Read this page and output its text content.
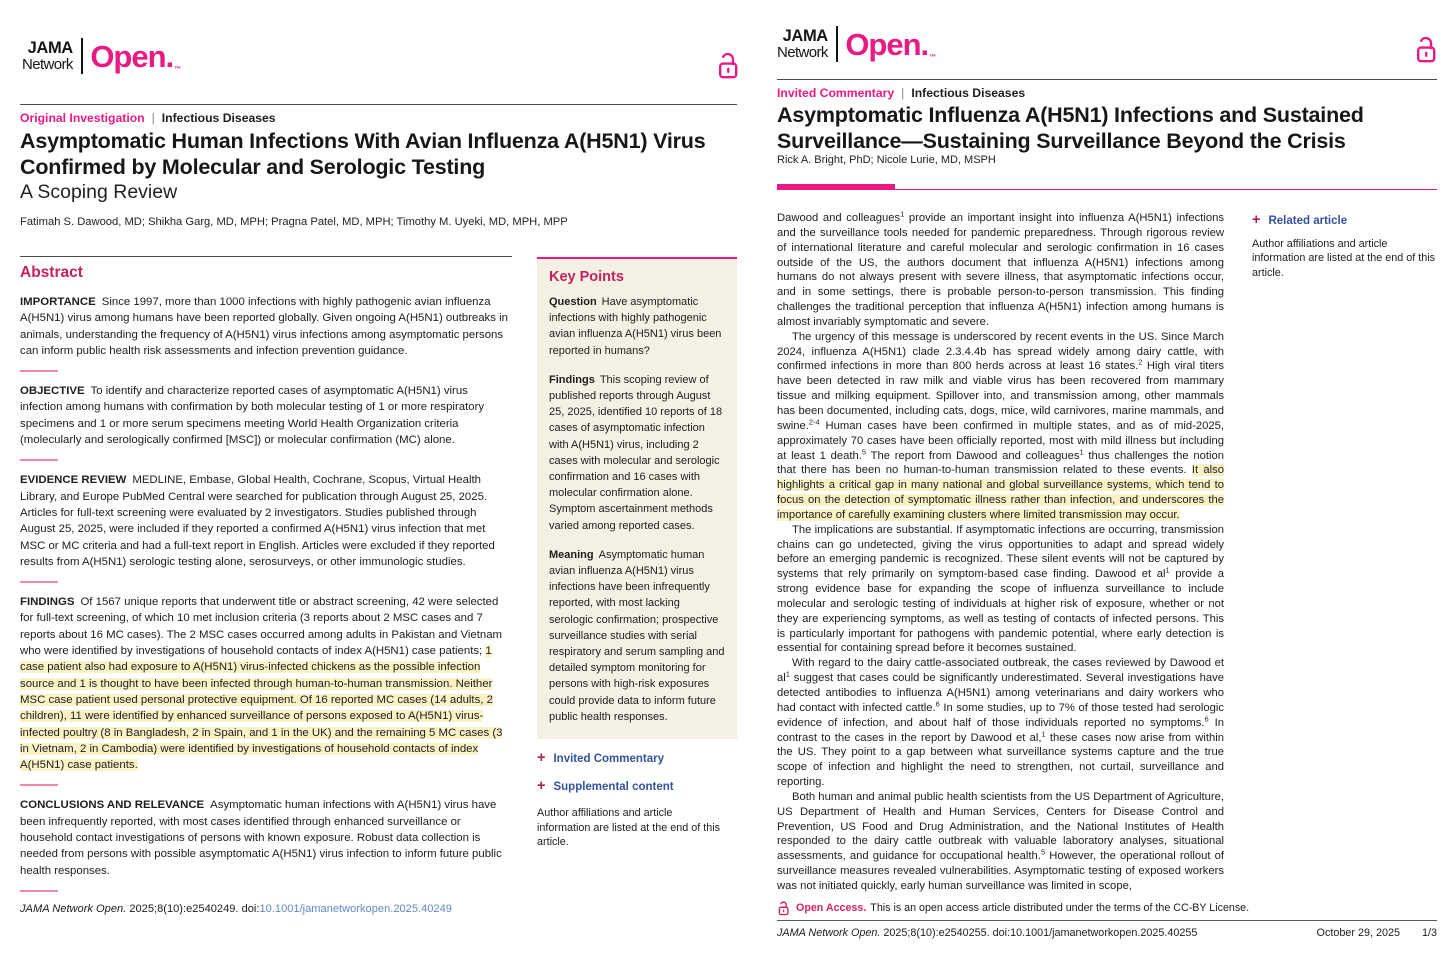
JAMA
Network Open.™
Original Investigation | Infectious Diseases
Asymptomatic Human Infections With Avian Influenza A(H5N1) Virus
Confirmed by Molecular and Serologic Testing
A Scoping Review
Fatimah S. Dawood, MD; Shikha Garg, MD, MPH; Pragna Patel, MD, MPH; Timothy M. Uyeki, MD, MPH, MPP
Abstract

IMPORTANCE Since 1997, more than 1000 infections with highly pathogenic avian influenza A(H5N1) virus among humans have been reported globally. Given ongoing A(H5N1) outbreaks in animals, understanding the frequency of A(H5N1) virus infections among asymptomatic persons can inform public health risk assessments and infection prevention guidance.

OBJECTIVE To identify and characterize reported cases of asymptomatic A(H5N1) virus infection among humans with confirmation by both molecular testing of 1 or more respiratory specimens and 1 or more serum specimens meeting World Health Organization criteria (molecularly and serologically confirmed [MSC]) or molecular confirmation (MC) alone.

EVIDENCE REVIEW MEDLINE, Embase, Global Health, Cochrane, Scopus, Virtual Health Library, and Europe PubMed Central were searched for publication through August 25, 2025. Articles for full-text screening were evaluated by 2 investigators. Studies published through August 25, 2025, were included if they reported a confirmed A(H5N1) virus infection that met MSC or MC criteria and had a full-text report in English. Articles were excluded if they reported results from A(H5N1) serologic testing alone, serosurveys, or other immunologic studies.

FINDINGS Of 1567 unique reports that underwent title or abstract screening, 42 were selected for full-text screening, of which 10 met inclusion criteria (3 reports about 2 MSC cases and 7 reports about 16 MC cases). The 2 MSC cases occurred among adults in Pakistan and Vietnam who were identified by investigations of household contacts of index A(H5N1) case patients; 1 case patient also had exposure to A(H5N1) virus-infected chickens as the possible infection source and 1 is thought to have been infected through human-to-human transmission. Neither MSC case patient used personal protective equipment. Of 16 reported MC cases (14 adults, 2 children), 11 were identified by enhanced surveillance of persons exposed to A(H5N1) virus-infected poultry (8 in Bangladesh, 2 in Spain, and 1 in the UK) and the remaining 5 MC cases (3 in Vietnam, 2 in Cambodia) were identified by investigations of household contacts of index A(H5N1) case patients.

CONCLUSIONS AND RELEVANCE Asymptomatic human infections with A(H5N1) virus have been infrequently reported, with most cases identified through enhanced surveillance or household contact investigations of persons with known exposure. Robust data collection is needed from persons with possible asymptomatic A(H5N1) virus infection to inform future public health responses.

JAMA Network Open. 2025;8(10):e2540249. doi:10.1001/jamanetworkopen.2025.40249

Key Points

Question Have asymptomatic infections with highly pathogenic avian influenza A(H5N1) virus been reported in humans?

Findings This scoping review of published reports through August 25, 2025, identified 10 reports of 18 cases of asymptomatic infection with A(H5N1) virus, including 2 cases with molecular and serologic confirmation and 16 cases with molecular confirmation alone. Symptom ascertainment methods varied among reported cases.

Meaning Asymptomatic human avian influenza A(H5N1) virus infections have been infrequently reported, with most lacking serologic confirmation; prospective surveillance studies with serial respiratory and serum sampling and detailed symptom monitoring for persons with high-risk exposures could provide data to inform future public health responses.

+ Invited Commentary
+ Supplemental content
Author affiliations and article information are listed at the end of this article.
JAMA
Network Open.™
Invited Commentary | Infectious Diseases
Asymptomatic Influenza A(H5N1) Infections and Sustained
Surveillance—Sustaining Surveillance Beyond the Crisis
Rick A. Bright, PhD; Nicole Lurie, MD, MSPH

Dawood and colleagues$^1$ provide an important insight into influenza A(H5N1) infections and the surveillance tools needed for pandemic preparedness. Through rigorous review of international literature and careful molecular and serologic confirmation in 16 cases outside of the US, the authors document that influenza A(H5N1) infections among humans do not always present with severe illness, that asymptomatic infections occur, and in some settings, there is probable person-to-person transmission. This finding challenges the traditional perception that influenza A(H5N1) infection among humans is almost invariably symptomatic and severe.

The urgency of this message is underscored by recent events in the US. Since March 2024, influenza A(H5N1) clade 2.3.4.4b has spread widely among dairy cattle, with confirmed infections in more than 800 herds across at least 16 states.$^2$ High viral titers have been detected in raw milk and viable virus has been recovered from mammary tissue and milking equipment. Spillover into, and transmission among, other mammals has been documented, including cats, dogs, mice, wild carnivores, marine mammals, and swine.$^{2-4}$ Human cases have been confirmed in multiple states, and as of mid-2025, approximately 70 cases have been officially reported, most with mild illness but including at least 1 death.$^5$ The report from Dawood and colleagues$^1$ thus challenges the notion that there has been no human-to-human transmission related to these events. It also highlights a critical gap in many national and global surveillance systems, which tend to focus on the detection of symptomatic illness rather than infection, and underscores the importance of carefully examining clusters where limited transmission may occur.

The implications are substantial. If asymptomatic infections are occurring, transmission chains can go undetected, giving the virus opportunities to adapt and spread widely before an emerging pandemic is recognized. These silent events will not be captured by systems that rely primarily on symptom-based case finding. Dawood et $al^1$ provide a strong evidence base for expanding the scope of influenza surveillance to include molecular and serologic testing of individuals at higher risk of exposure, whether or not they are experiencing symptoms, as well as testing of contacts of infected persons. This is particularly important for pathogens with pandemic potential, where early detection is essential for containing spread before it becomes sustained.

With regard to the dairy cattle-associated outbreak, the cases reviewed by Dawood et $al^1$ suggest that cases could be significantly underestimated. Several investigations have detected antibodies to influenza A(H5N1) among veterinarians and dairy workers who had contact with infected cattle.$^6$ In some studies, up to 7% of those tested had serologic evidence of infection, and about half of those individuals reported no symptoms.$^6$ In contrast to the cases in the report by Dawood et al,$^1$ these cases now arise from within the US. They point to a gap between what surveillance systems capture and the true scope of infection and highlight the need to strengthen, not curtail, surveillance and reporting.

Both human and animal public health scientists from the US Department of Agriculture, US Department of Health and Human Services, Centers for Disease Control and Prevention, US Food and Drug Administration, and the National Institutes of Health responded to the dairy cattle outbreak with valuable laboratory analyses, situational assessments, and guidance for occupational health.$^5$ However, the operational rollout of surveillance measures revealed vulnerabilities. Asymptomatic testing of exposed workers was not initiated quickly, early human surveillance was limited in scope,

+ Related article
Author affiliations and article information are listed at the end of this article.
Open Access. This is an open access article distributed under the terms of the CC-BY License.
JAMA Network Open. 2025;8(10):e2540255. doi:10.1001/jamanetworkopen.2025.40255	October 29, 2025 1/3
